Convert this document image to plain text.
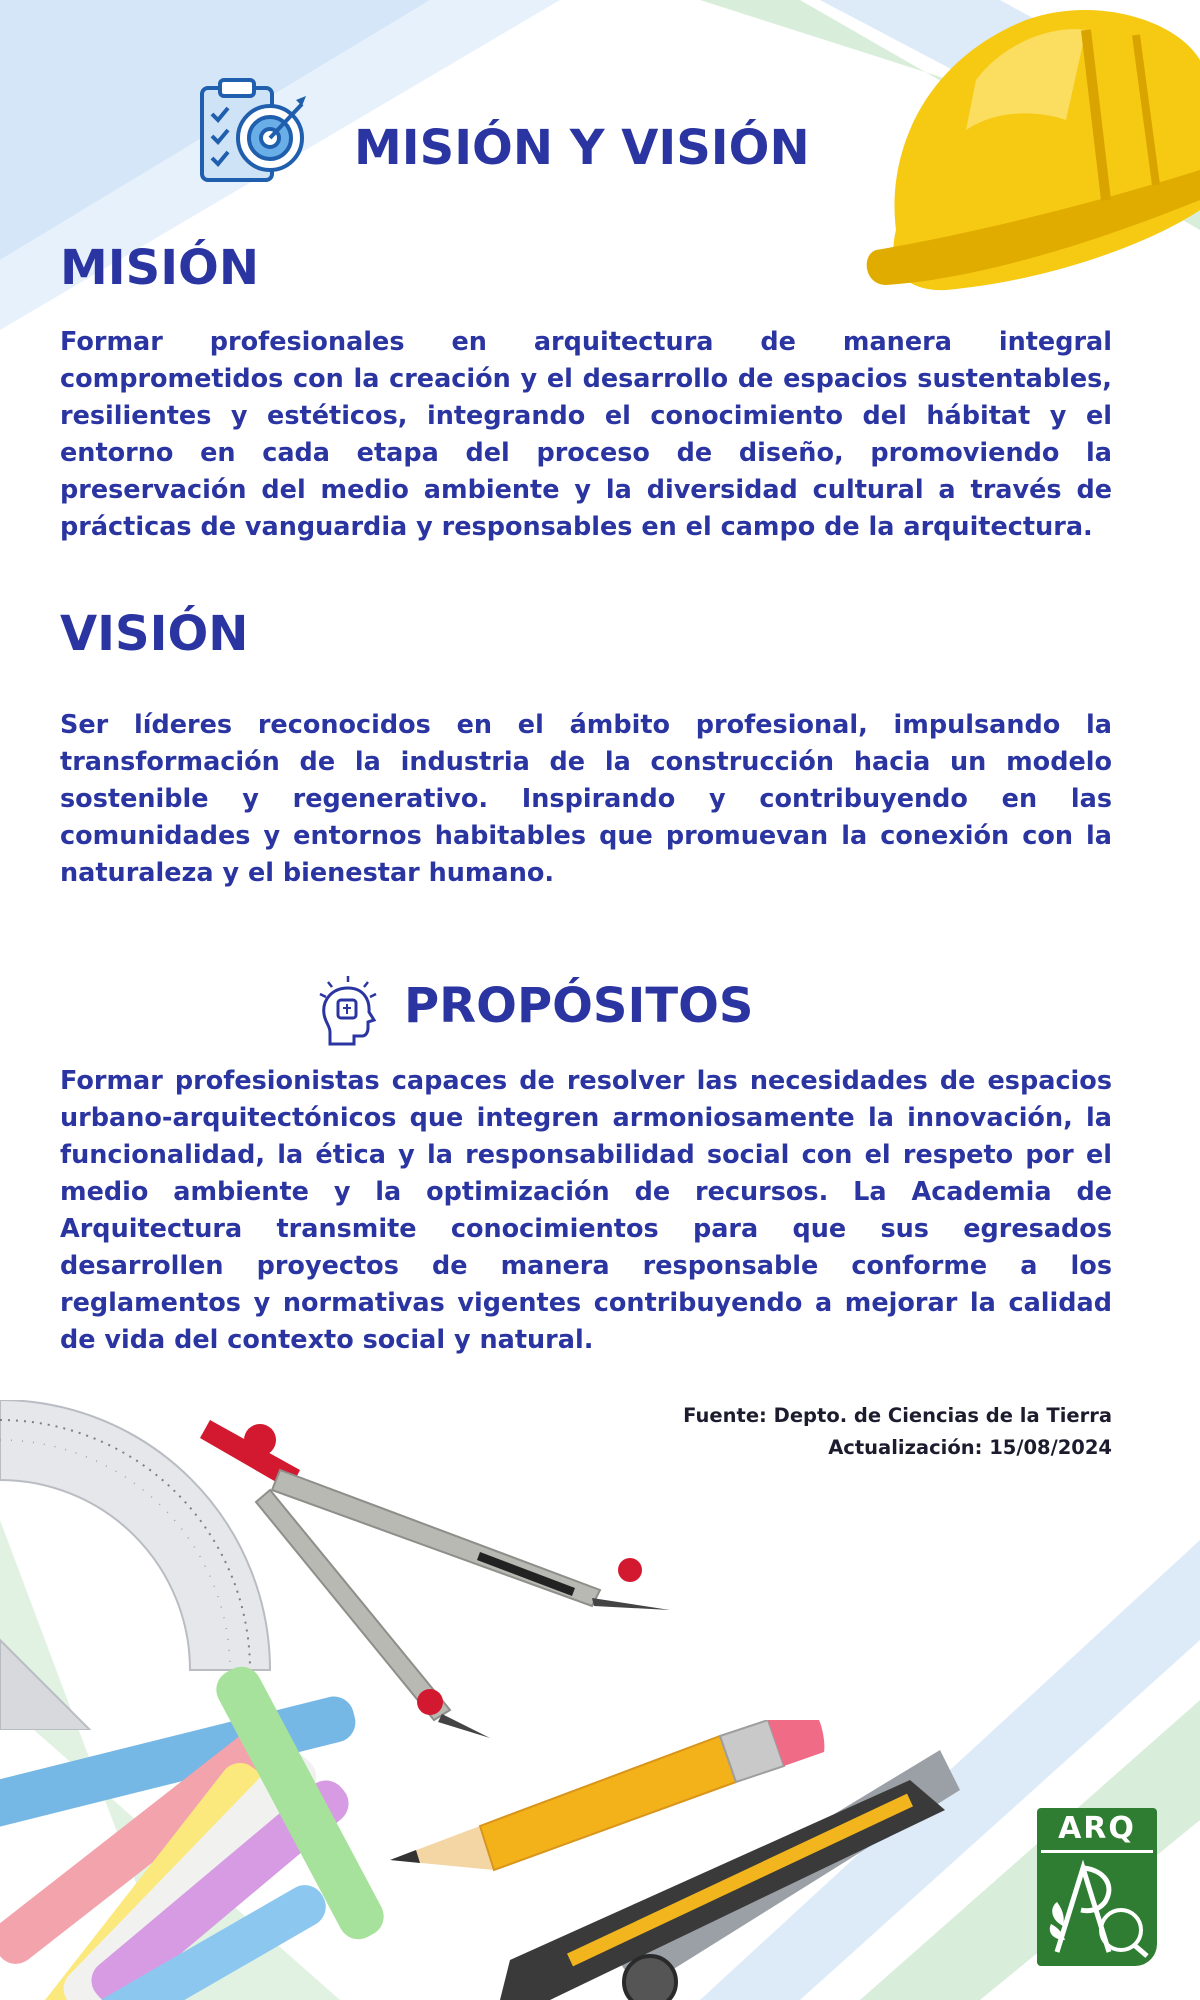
MISIÓN Y VISIÓN
MISIÓN

Formar profesionales en arquitectura de manera integral comprometidos con la creación y el desarrollo de espacios sustentables, resilientes y estéticos, integrando el conocimiento del hábitat y el entorno en cada etapa del proceso de diseño, promoviendo la preservación del medio ambiente y la diversidad cultural a través de prácticas de vanguardia y responsables en el campo de la arquitectura.

VISIÓN

Ser líderes reconocidos en el ámbito profesional, impulsando la transformación de la industria de la construcción hacia un modelo sostenible y regenerativo. Inspirando y contribuyendo en las comunidades y entornos habitables que promuevan la conexión con la naturaleza y el bienestar humano.

PROPÓSITOS

Formar profesionistas capaces de resolver las necesidades de espacios urbano-arquitectónicos que integren armoniosamente la innovación, la funcionalidad, la ética y la responsabilidad social con el respeto por el medio ambiente y la optimización de recursos. La Academia de Arquitectura transmite conocimientos para que sus egresados desarrollen proyectos de manera responsable conforme a los reglamentos y normativas vigentes contribuyendo a mejorar la calidad de vida del contexto social y natural.

Fuente: Depto. de Ciencias de la Tierra
Actualización: 15/08/2024
ARQ
